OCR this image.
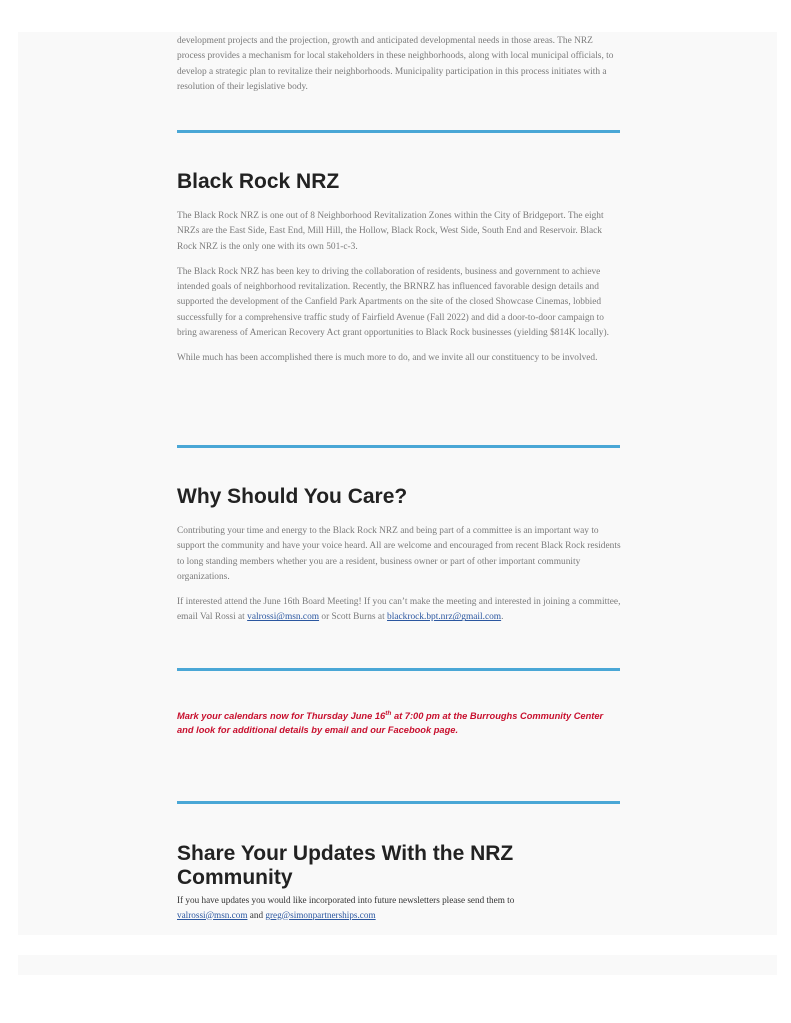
development projects and the projection, growth and anticipated developmental needs in those areas. The NRZ process provides a mechanism for local stakeholders in these neighborhoods, along with local municipal officials, to develop a strategic plan to revitalize their neighborhoods. Municipality participation in this process initiates with a resolution of their legislative body.

Black Rock NRZ

The Black Rock NRZ is one out of 8 Neighborhood Revitalization Zones within the City of Bridgeport. The eight NRZs are the East Side, East End, Mill Hill, the Hollow, Black Rock, West Side, South End and Reservoir. Black Rock NRZ is the only one with its own 501-c-3.

The Black Rock NRZ has been key to driving the collaboration of residents, business and government to achieve intended goals of neighborhood revitalization. Recently, the BRNRZ has influenced favorable design details and supported the development of the Canfield Park Apartments on the site of the closed Showcase Cinemas, lobbied successfully for a comprehensive traffic study of Fairfield Avenue (Fall 2022) and did a door-to-door campaign to bring awareness of American Recovery Act grant opportunities to Black Rock businesses (yielding $814K locally).

While much has been accomplished there is much more to do, and we invite all our constituency to be involved.

Why Should You Care?

Contributing your time and energy to the Black Rock NRZ and being part of a committee is an important way to support the community and have your voice heard. All are welcome and encouraged from recent Black Rock residents to long standing members whether you are a resident, business owner or part of other important community organizations.

If interested attend the June 16th Board Meeting! If you can’t make the meeting and interested in joining a committee, email Val Rossi at valrossi@msn.com or Scott Burns at blackrock.bpt.nrz@gmail.com.

Mark your calendars now for Thursday June 16th at 7:00 pm at the Burroughs Community Center and look for additional details by email and our Facebook page.

Share Your Updates With the NRZ Community

If you have updates you would like incorporated into future newsletters please send them to valrossi@msn.com and greg@simonpartnerships.com
